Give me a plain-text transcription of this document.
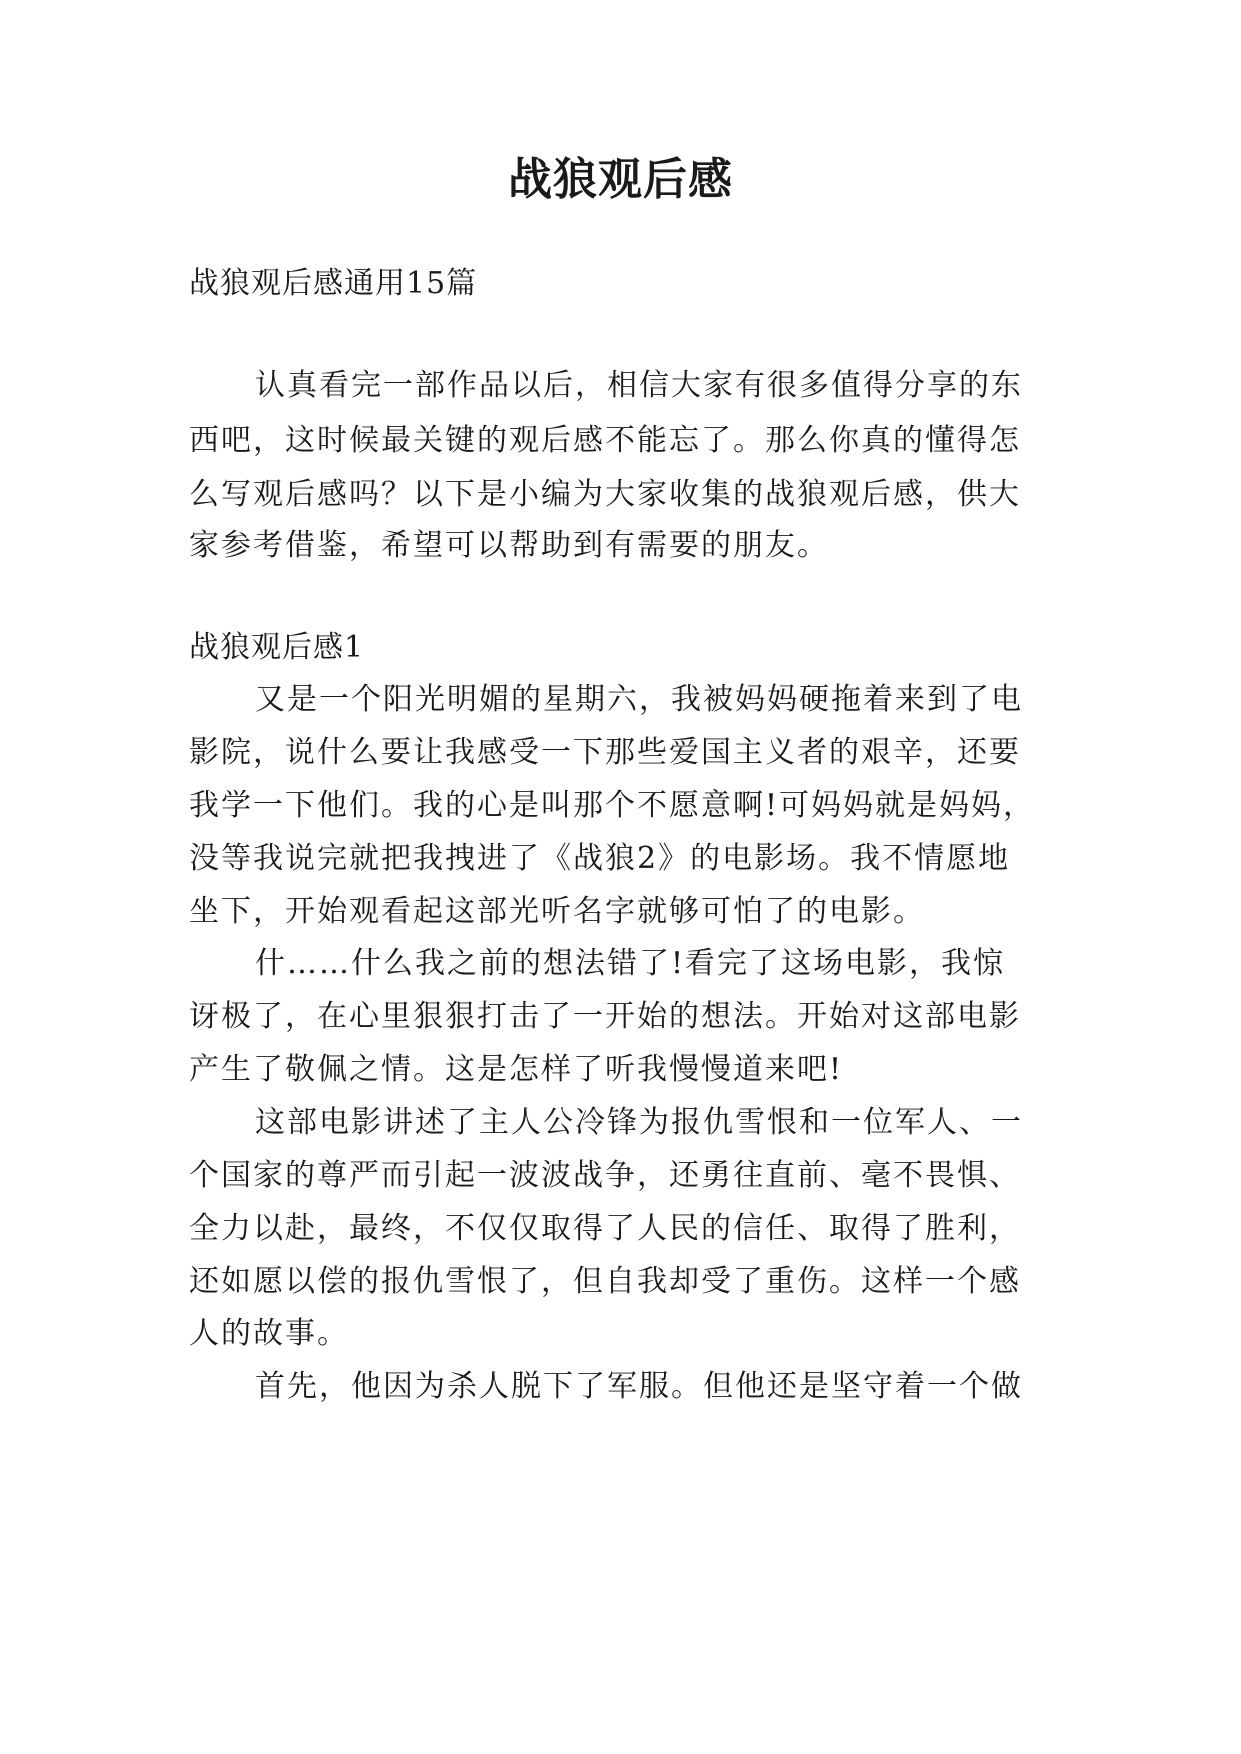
战狼观后感
战狼观后感通用15篇
认真看完一部作品以后，相信大家有很多值得分享的东
西吧，这时候最关键的观后感不能忘了。那么你真的懂得怎
么写观后感吗？以下是小编为大家收集的战狼观后感，供大
家参考借鉴，希望可以帮助到有需要的朋友。
战狼观后感1
又是一个阳光明媚的星期六，我被妈妈硬拖着来到了电
影院，说什么要让我感受一下那些爱国主义者的艰辛，还要
我学一下他们。我的心是叫那个不愿意啊!可妈妈就是妈妈，
没等我说完就把我拽进了《战狼2》的电影场。我不情愿地
坐下，开始观看起这部光听名字就够可怕了的电影。
什……什么我之前的想法错了!看完了这场电影，我惊
讶极了，在心里狠狠打击了一开始的想法。开始对这部电影
产生了敬佩之情。这是怎样了听我慢慢道来吧!
这部电影讲述了主人公冷锋为报仇雪恨和一位军人、一
个国家的尊严而引起一波波战争，还勇往直前、毫不畏惧、
全力以赴，最终，不仅仅取得了人民的信任、取得了胜利，
还如愿以偿的报仇雪恨了，但自我却受了重伤。这样一个感
人的故事。
首先，他因为杀人脱下了军服。但他还是坚守着一个做
